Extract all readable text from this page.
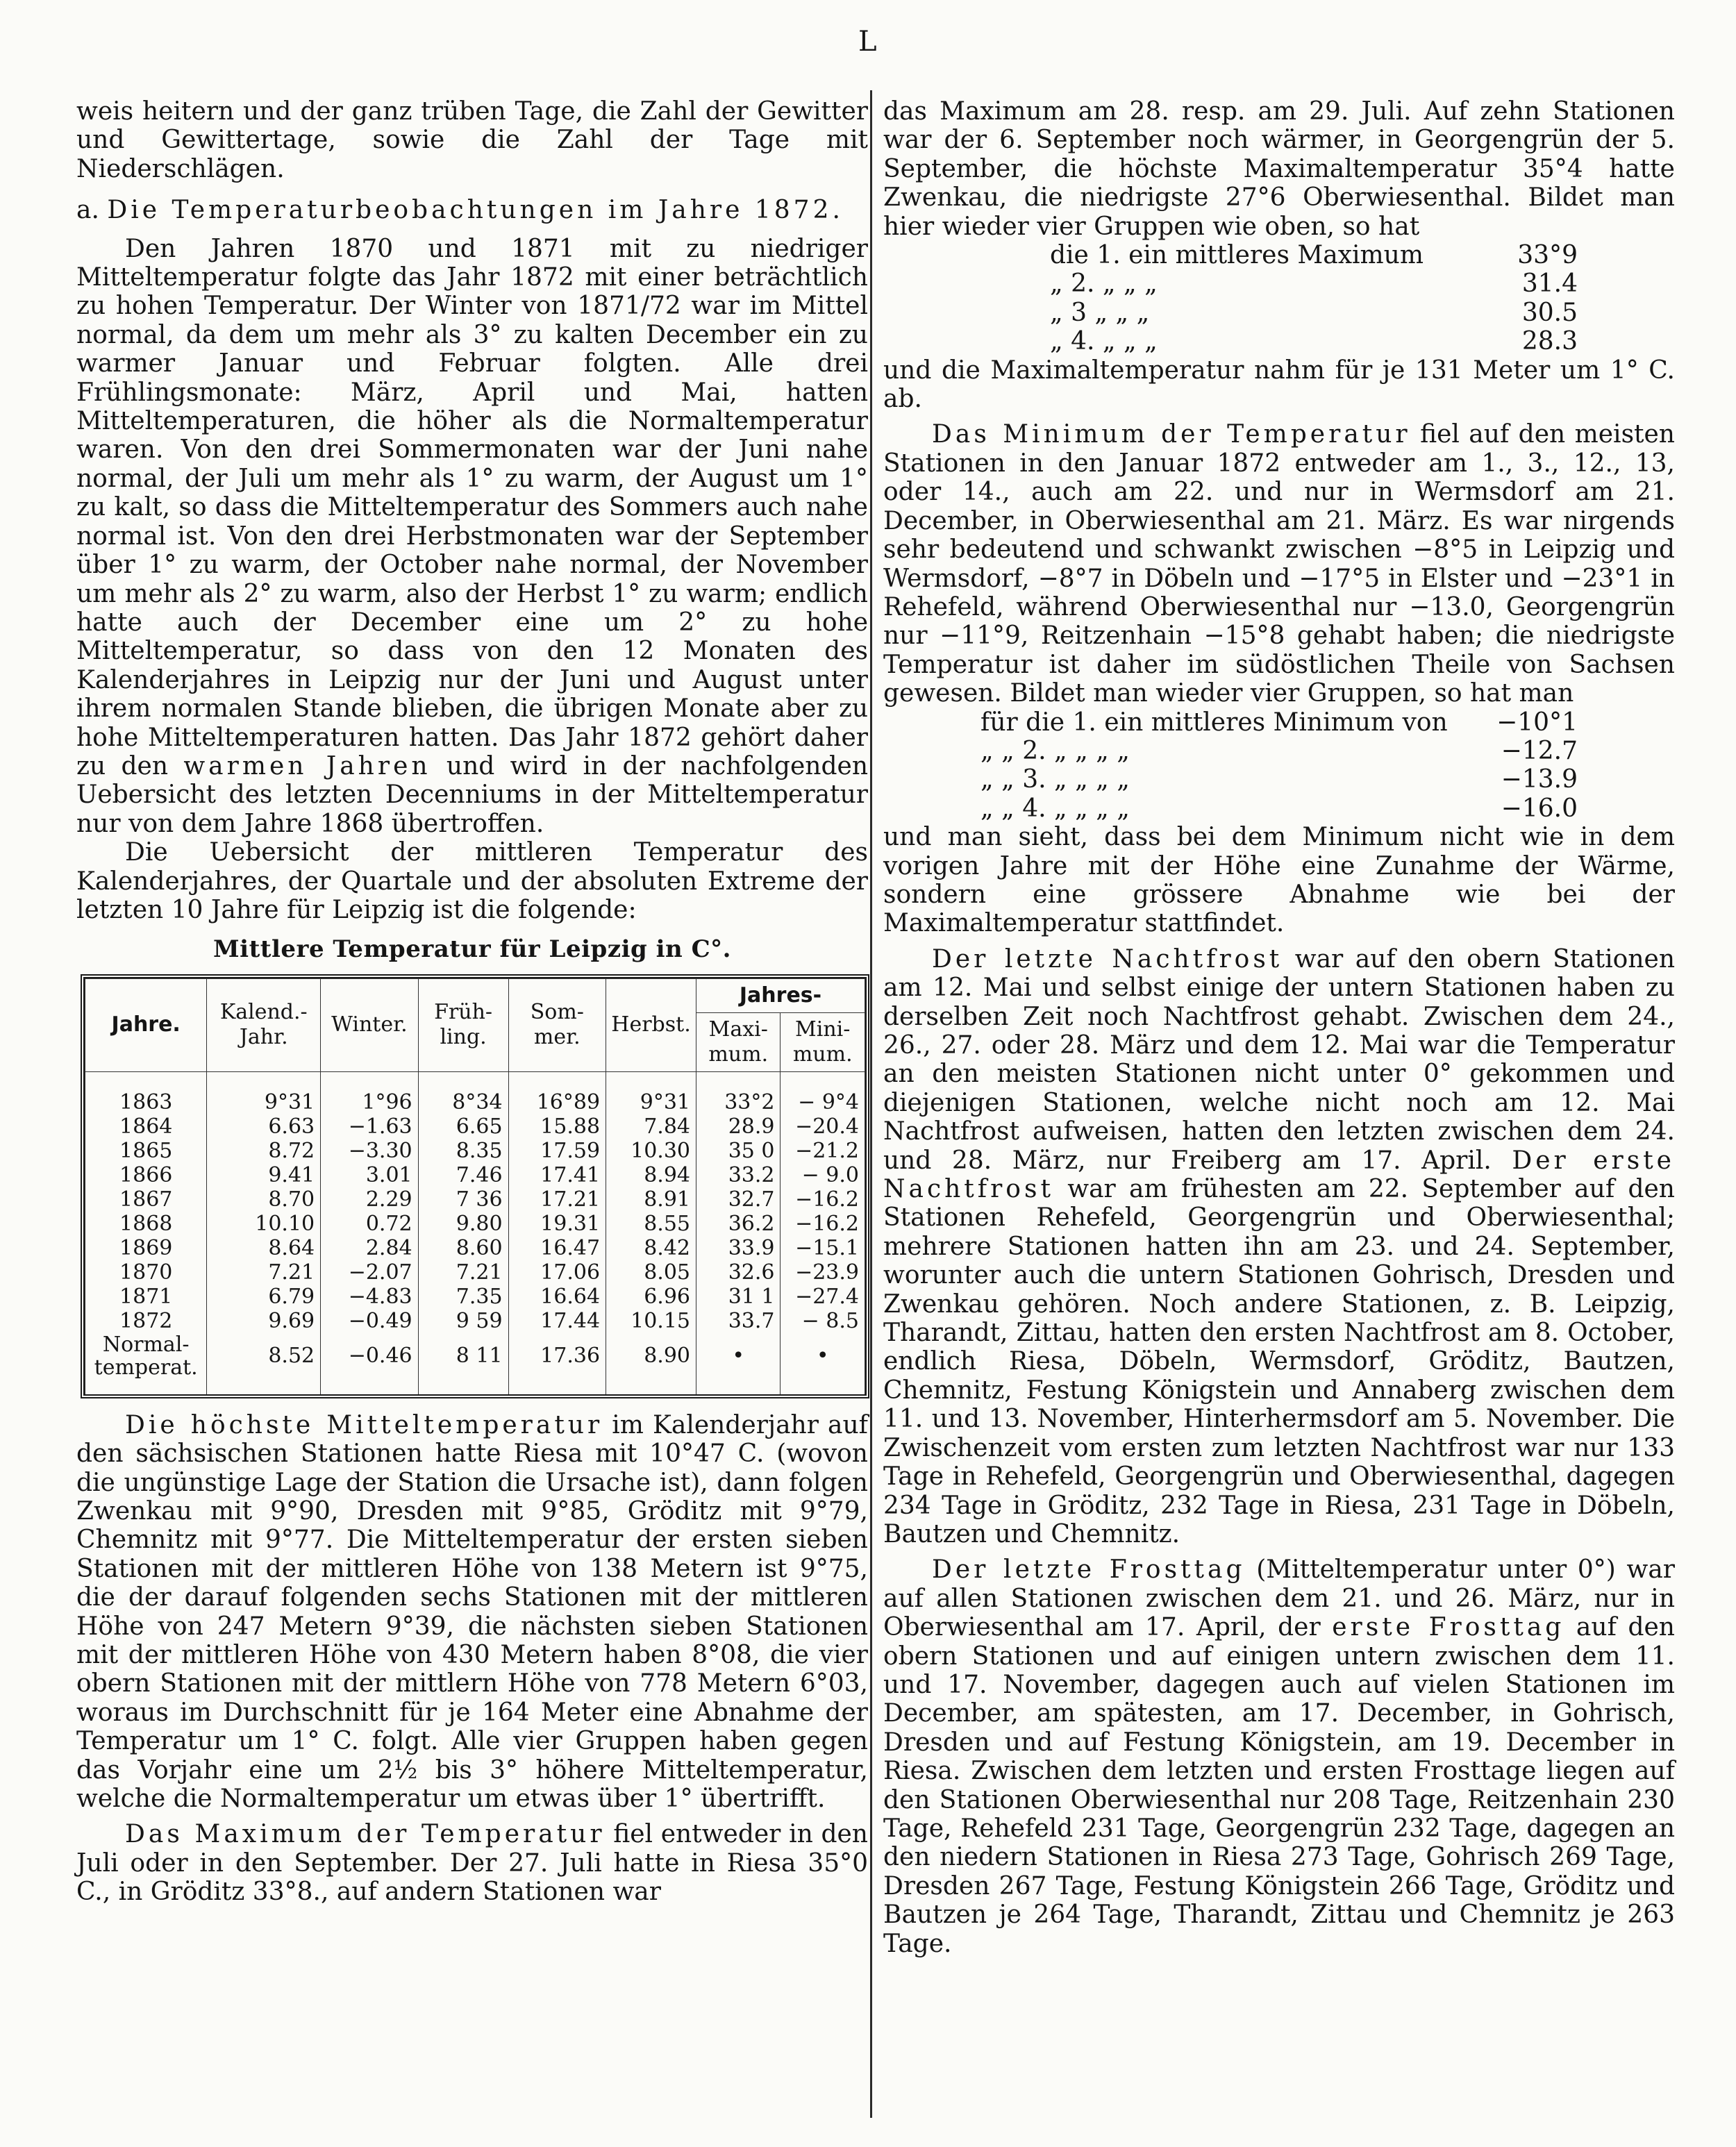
L

weis heitern und der ganz trüben Tage, die Zahl der Gewitter und Gewittertage, sowie die Zahl der Tage mit Niederschlägen.

a. Die Temperaturbeobachtungen im Jahre 1872.

Den Jahren 1870 und 1871 mit zu niedriger Mitteltemperatur folgte das Jahr 1872 mit einer beträchtlich zu hohen Temperatur. Der Winter von 1871/72 war im Mittel normal, da dem um mehr als 3° zu kalten December ein zu warmer Januar und Februar folgten. Alle drei Frühlingsmonate: März, April und Mai, hatten Mitteltemperaturen, die höher als die Normaltemperatur waren. Von den drei Sommermonaten war der Juni nahe normal, der Juli um mehr als 1° zu warm, der August um 1° zu kalt, so dass die Mitteltemperatur des Sommers auch nahe normal ist. Von den drei Herbstmonaten war der September über 1° zu warm, der October nahe normal, der November um mehr als 2° zu warm, also der Herbst 1° zu warm; endlich hatte auch der December eine um 2° zu hohe Mitteltemperatur, so dass von den 12 Monaten des Kalenderjahres in Leipzig nur der Juni und August unter ihrem normalen Stande blieben, die übrigen Monate aber zu hohe Mitteltemperaturen hatten. Das Jahr 1872 gehört daher zu den warmen Jahren und wird in der nachfolgenden Uebersicht des letzten Decenniums in der Mitteltemperatur nur von dem Jahre 1868 übertroffen.

Die Uebersicht der mittleren Temperatur des Kalenderjahres, der Quartale und der absoluten Extreme der letzten 10 Jahre für Leipzig ist die folgende:

Mittlere Temperatur für Leipzig in C°.
Jahre.	Kalend.-Jahr.	Winter.	Früh-ling.	Som-mer.	Herbst.	Jahres-	
						Maxi-mum.	Mini-mum.
1863	9°31	1°96	8°34	16°89	9°31	33°2	− 9°4
1864	6.63	−1.63	6.65	15.88	7.84	28.9	−20.4
1865	8.72	−3.30	8.35	17.59	10.30	35 0	−21.2
1866	9.41	3.01	7.46	17.41	8.94	33.2	− 9.0
1867	8.70	2.29	7 36	17.21	8.91	32.7	−16.2
1868	10.10	0.72	9.80	19.31	8.55	36.2	−16.2
1869	8.64	2.84	8.60	16.47	8.42	33.9	−15.1
1870	7.21	−2.07	7.21	17.06	8.05	32.6	−23.9
1871	6.79	−4.83	7.35	16.64	6.96	31 1	−27.4
1872	9.69	−0.49	9 59	17.44	10.15	33.7	− 8.5
Normal-temperat.	8.52	−0.46	8 11	17.36	8.90	•	•

Die höchste Mitteltemperatur im Kalenderjahr auf den sächsischen Stationen hatte Riesa mit 10°47 C. (wovon die ungünstige Lage der Station die Ursache ist), dann folgen Zwenkau mit 9°90, Dresden mit 9°85, Gröditz mit 9°79, Chemnitz mit 9°77. Die Mitteltemperatur der ersten sieben Stationen mit der mittleren Höhe von 138 Metern ist 9°75, die der darauf folgenden sechs Stationen mit der mittleren Höhe von 247 Metern 9°39, die nächsten sieben Stationen mit der mittleren Höhe von 430 Metern haben 8°08, die vier obern Stationen mit der mittlern Höhe von 778 Metern 6°03, woraus im Durchschnitt für je 164 Meter eine Abnahme der Temperatur um 1° C. folgt. Alle vier Gruppen haben gegen das Vorjahr eine um 2½ bis 3° höhere Mitteltemperatur, welche die Normaltemperatur um etwas über 1° übertrifft.

Das Maximum der Temperatur fiel entweder in den Juli oder in den September. Der 27. Juli hatte in Riesa 35°0 C., in Gröditz 33°8., auf andern Stationen war

das Maximum am 28. resp. am 29. Juli. Auf zehn Stationen war der 6. September noch wärmer, in Georgengrün der 5. September, die höchste Maximaltemperatur 35°4 hatte Zwenkau, die niedrigste 27°6 Oberwiesenthal. Bildet man hier wieder vier Gruppen wie oben, so hat

die 1. ein mittleres Maximum	33°9
„ 2. „ „ „	31.4
„ 3 „ „ „	30.5
„ 4. „ „ „	28.3

und die Maximaltemperatur nahm für je 131 Meter um 1° C. ab.

Das Minimum der Temperatur fiel auf den meisten Stationen in den Januar 1872 entweder am 1., 3., 12., 13, oder 14., auch am 22. und nur in Wermsdorf am 21. December, in Oberwiesenthal am 21. März. Es war nirgends sehr bedeutend und schwankt zwischen −8°5 in Leipzig und Wermsdorf, −8°7 in Döbeln und −17°5 in Elster und −23°1 in Rehefeld, während Oberwiesenthal nur −13.0, Georgengrün nur −11°9, Reitzenhain −15°8 gehabt haben; die niedrigste Temperatur ist daher im südöstlichen Theile von Sachsen gewesen. Bildet man wieder vier Gruppen, so hat man

für die 1. ein mittleres Minimum von	−10°1
„ „ 2. „ „ „ „	−12.7
„ „ 3. „ „ „ „	−13.9
„ „ 4. „ „ „ „	−16.0

und man sieht, dass bei dem Minimum nicht wie in dem vorigen Jahre mit der Höhe eine Zunahme der Wärme, sondern eine grössere Abnahme wie bei der Maximaltemperatur stattfindet.

Der letzte Nachtfrost war auf den obern Stationen am 12. Mai und selbst einige der untern Stationen haben zu derselben Zeit noch Nachtfrost gehabt. Zwischen dem 24., 26., 27. oder 28. März und dem 12. Mai war die Temperatur an den meisten Stationen nicht unter 0° gekommen und diejenigen Stationen, welche nicht noch am 12. Mai Nachtfrost aufweisen, hatten den letzten zwischen dem 24. und 28. März, nur Freiberg am 17. April. Der erste Nachtfrost war am frühesten am 22. September auf den Stationen Rehefeld, Georgengrün und Oberwiesenthal; mehrere Stationen hatten ihn am 23. und 24. September, worunter auch die untern Stationen Gohrisch, Dresden und Zwenkau gehören. Noch andere Stationen, z. B. Leipzig, Tharandt, Zittau, hatten den ersten Nachtfrost am 8. October, endlich Riesa, Döbeln, Wermsdorf, Gröditz, Bautzen, Chemnitz, Festung Königstein und Annaberg zwischen dem 11. und 13. November, Hinterhermsdorf am 5. November. Die Zwischenzeit vom ersten zum letzten Nachtfrost war nur 133 Tage in Rehefeld, Georgengrün und Oberwiesenthal, dagegen 234 Tage in Gröditz, 232 Tage in Riesa, 231 Tage in Döbeln, Bautzen und Chemnitz.

Der letzte Frosttag (Mitteltemperatur unter 0°) war auf allen Stationen zwischen dem 21. und 26. März, nur in Oberwiesenthal am 17. April, der erste Frosttag auf den obern Stationen und auf einigen untern zwischen dem 11. und 17. November, dagegen auch auf vielen Stationen im December, am spätesten, am 17. December, in Gohrisch, Dresden und auf Festung Königstein, am 19. December in Riesa. Zwischen dem letzten und ersten Frosttage liegen auf den Stationen Oberwiesenthal nur 208 Tage, Reitzenhain 230 Tage, Rehefeld 231 Tage, Georgengrün 232 Tage, dagegen an den niedern Stationen in Riesa 273 Tage, Gohrisch 269 Tage, Dresden 267 Tage, Festung Königstein 266 Tage, Gröditz und Bautzen je 264 Tage, Tharandt, Zittau und Chemnitz je 263 Tage.
